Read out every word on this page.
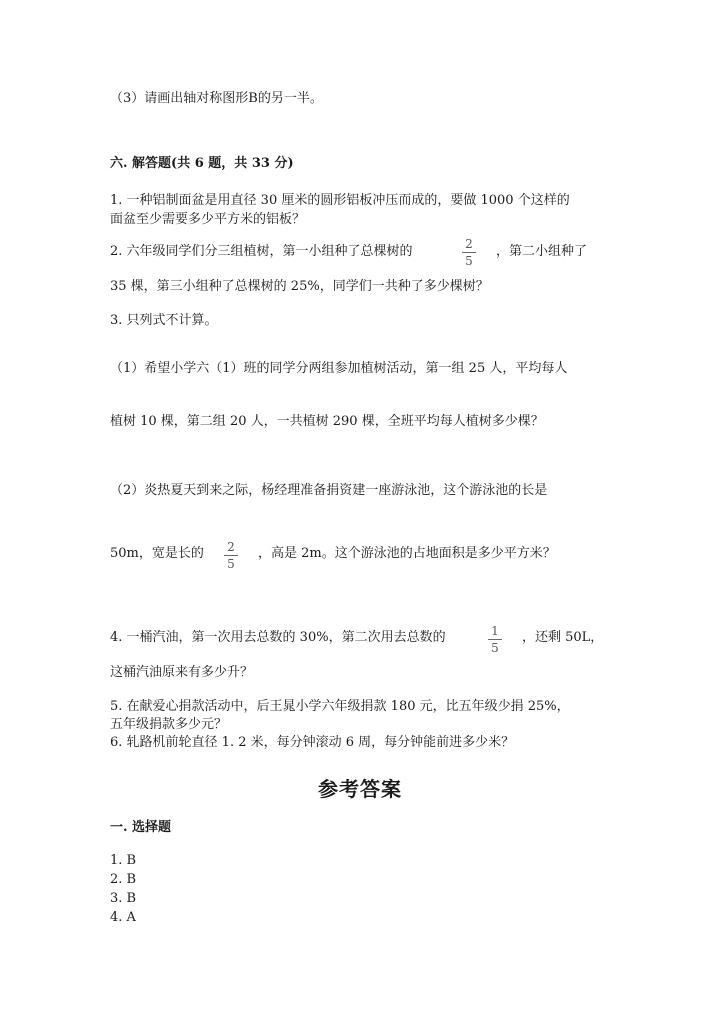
（3）请画出轴对称图形B的另一半。
六. 解答题(共 6 题，共 33 分)
1. 一种铝制面盆是用直径 30 厘米的圆形铝板冲压而成的，要做 1000 个这样的
面盆至少需要多少平方米的铝板？
2. 六年级同学们分三组植树，第一小组种了总棵树的	2
5
，第二小组种了
35 棵，第三小组种了总棵树的 25%，同学们一共种了多少棵树？
3. 只列式不计算。
（1）希望小学六（1）班的同学分两组参加植树活动，第一组 25 人，平均每人
植树 10 棵，第二组 20 人，一共植树 290 棵，全班平均每人植树多少棵？
（2）炎热夏天到来之际，杨经理准备捐资建一座游泳池，这个游泳池的长是
50m，宽是长的 2
5
，高是 2m。这个游泳池的占地面积是多少平方米？
4. 一桶汽油，第一次用去总数的 30%，第二次用去总数的	1
5
，还剩 50L，
这桶汽油原来有多少升？
5. 在献爱心捐款活动中，后王晁小学六年级捐款 180 元，比五年级少捐 25%，
五年级捐款多少元？
6. 轧路机前轮直径 1. 2 米，每分钟滚动 6 周，每分钟能前进多少米？
参考答案
一. 选择题
1. B
2. B
3. B
4. A
